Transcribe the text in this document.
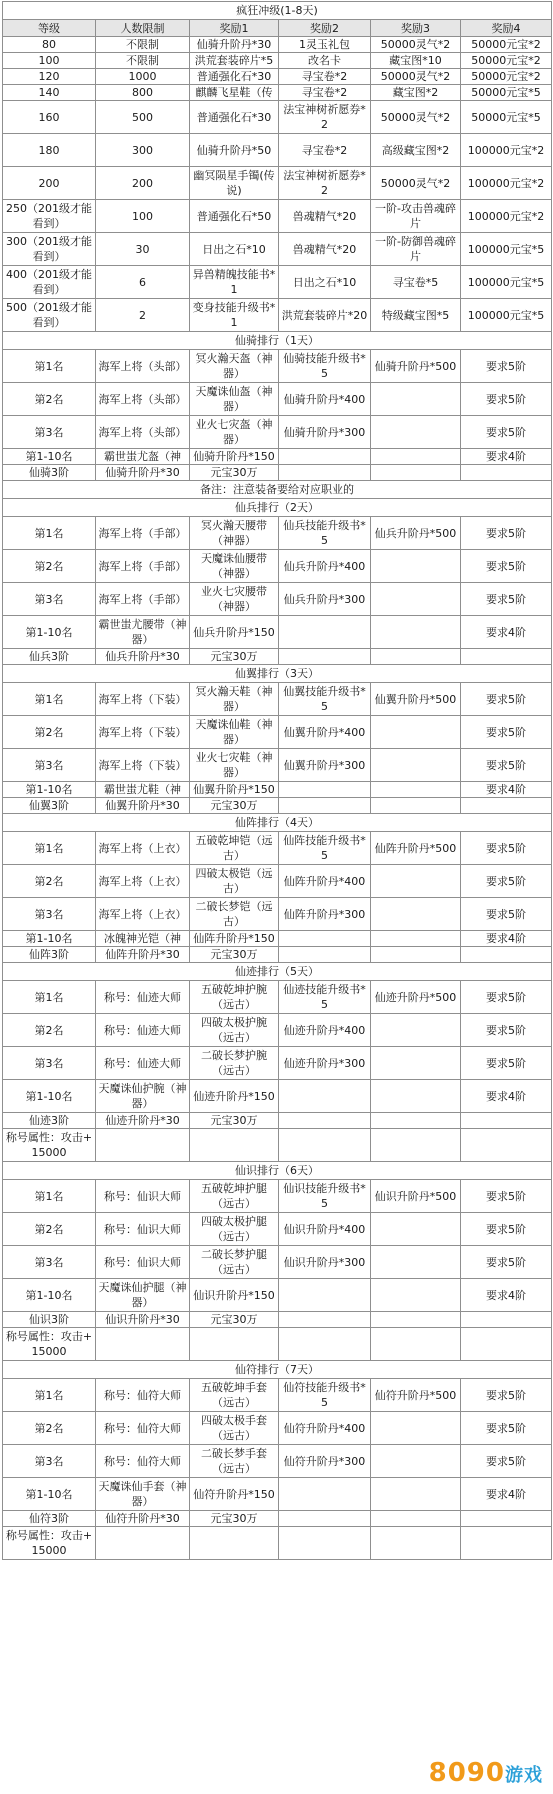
疯狂冲级(1-8天)					
等级	人数限制	奖励1	奖励2	奖励3	奖励4
80	不限制	仙骑升阶丹*30	1灵玉礼包	50000灵气*2	50000元宝*2
100	不限制	洪荒套装碎片*5	改名卡	藏宝图*10	50000元宝*2
120	1000	普通强化石*30	寻宝卷*2	50000灵气*2	50000元宝*2
140	800	麒麟飞星鞋（传	寻宝卷*2	藏宝图*2	50000元宝*5
160	500	普通强化石*30	法宝神树祈愿券*2	50000灵气*2	50000元宝*5
180	300	仙骑升阶丹*50	寻宝卷*2	高级藏宝图*2	100000元宝*2
200	200	幽冥陨星手镯(传说)	法宝神树祈愿券*2	50000灵气*2	100000元宝*2
250（201级才能看到）	100	普通强化石*50	兽魂精气*20	一阶-攻击兽魂碎片	100000元宝*2
300（201级才能看到）	30	日出之石*10	兽魂精气*20	一阶-防御兽魂碎片	100000元宝*5
400（201级才能看到）	6	异兽精魄技能书*1	日出之石*10	寻宝卷*5	100000元宝*5
500（201级才能看到）	2	变身技能升级书*1	洪荒套装碎片*20	特级藏宝图*5	100000元宝*5
仙骑排行（1天）					
第1名	海军上将（头部）	冥火瀚天盔（神器）	仙骑技能升级书*5	仙骑升阶丹*500	要求5阶
第2名	海军上将（头部）	天魔诛仙盔（神器）	仙骑升阶丹*400		要求5阶
第3名	海军上将（头部）	业火七灾盔（神器）	仙骑升阶丹*300		要求5阶
第1-10名	霸世蚩尤盔（神	仙骑升阶丹*150			要求4阶
仙骑3阶	仙骑升阶丹*30	元宝30万			
备注：注意装备要给对应职业的					
仙兵排行（2天）					
第1名	海军上将（手部）	冥火瀚天腰带（神器）	仙兵技能升级书*5	仙兵升阶丹*500	要求5阶
第2名	海军上将（手部）	天魔诛仙腰带（神器）	仙兵升阶丹*400		要求5阶
第3名	海军上将（手部）	业火七灾腰带（神器）	仙兵升阶丹*300		要求5阶
第1-10名	霸世蚩尤腰带（神器）	仙兵升阶丹*150			要求4阶
仙兵3阶	仙兵升阶丹*30	元宝30万			
仙翼排行（3天）					
第1名	海军上将（下装）	冥火瀚天鞋（神器）	仙翼技能升级书*5	仙翼升阶丹*500	要求5阶
第2名	海军上将（下装）	天魔诛仙鞋（神器）	仙翼升阶丹*400		要求5阶
第3名	海军上将（下装）	业火七灾鞋（神器）	仙翼升阶丹*300		要求5阶
第1-10名	霸世蚩尤鞋（神	仙翼升阶丹*150			要求4阶
仙翼3阶	仙翼升阶丹*30	元宝30万			
仙阵排行（4天）					
第1名	海军上将（上衣）	五破乾坤铠（远古）	仙阵技能升级书*5	仙阵升阶丹*500	要求5阶
第2名	海军上将（上衣）	四破太极铠（远古）	仙阵升阶丹*400		要求5阶
第3名	海军上将（上衣）	二破长梦铠（远古）	仙阵升阶丹*300		要求5阶
第1-10名	冰魄神光铠（神	仙阵升阶丹*150			要求4阶
仙阵3阶	仙阵升阶丹*30	元宝30万			
仙迹排行（5天）					
第1名	称号：仙迹大师	五破乾坤护腕（远古）	仙迹技能升级书*5	仙迹升阶丹*500	要求5阶
第2名	称号：仙迹大师	四破太极护腕（远古）	仙迹升阶丹*400		要求5阶
第3名	称号：仙迹大师	二破长梦护腕（远古）	仙迹升阶丹*300		要求5阶
第1-10名	天魔诛仙护腕（神器）	仙迹升阶丹*150			要求4阶
仙迹3阶	仙迹升阶丹*30	元宝30万			
称号属性：攻击+15000					
仙识排行（6天）					
第1名	称号：仙识大师	五破乾坤护腿（远古）	仙识技能升级书*5	仙识升阶丹*500	要求5阶
第2名	称号：仙识大师	四破太极护腿（远古）	仙识升阶丹*400		要求5阶
第3名	称号：仙识大师	二破长梦护腿（远古）	仙识升阶丹*300		要求5阶
第1-10名	天魔诛仙护腿（神器）	仙识升阶丹*150			要求4阶
仙识3阶	仙识升阶丹*30	元宝30万			
称号属性：攻击+15000					
仙符排行（7天）					
第1名	称号：仙符大师	五破乾坤手套（远古）	仙符技能升级书*5	仙符升阶丹*500	要求5阶
第2名	称号：仙符大师	四破太极手套（远古）	仙符升阶丹*400		要求5阶
第3名	称号：仙符大师	二破长梦手套（远古）	仙符升阶丹*300		要求5阶
第1-10名	天魔诛仙手套（神器）	仙符升阶丹*150			要求4阶
仙符3阶	仙符升阶丹*30	元宝30万			
称号属性：攻击+15000					
8090游戏
